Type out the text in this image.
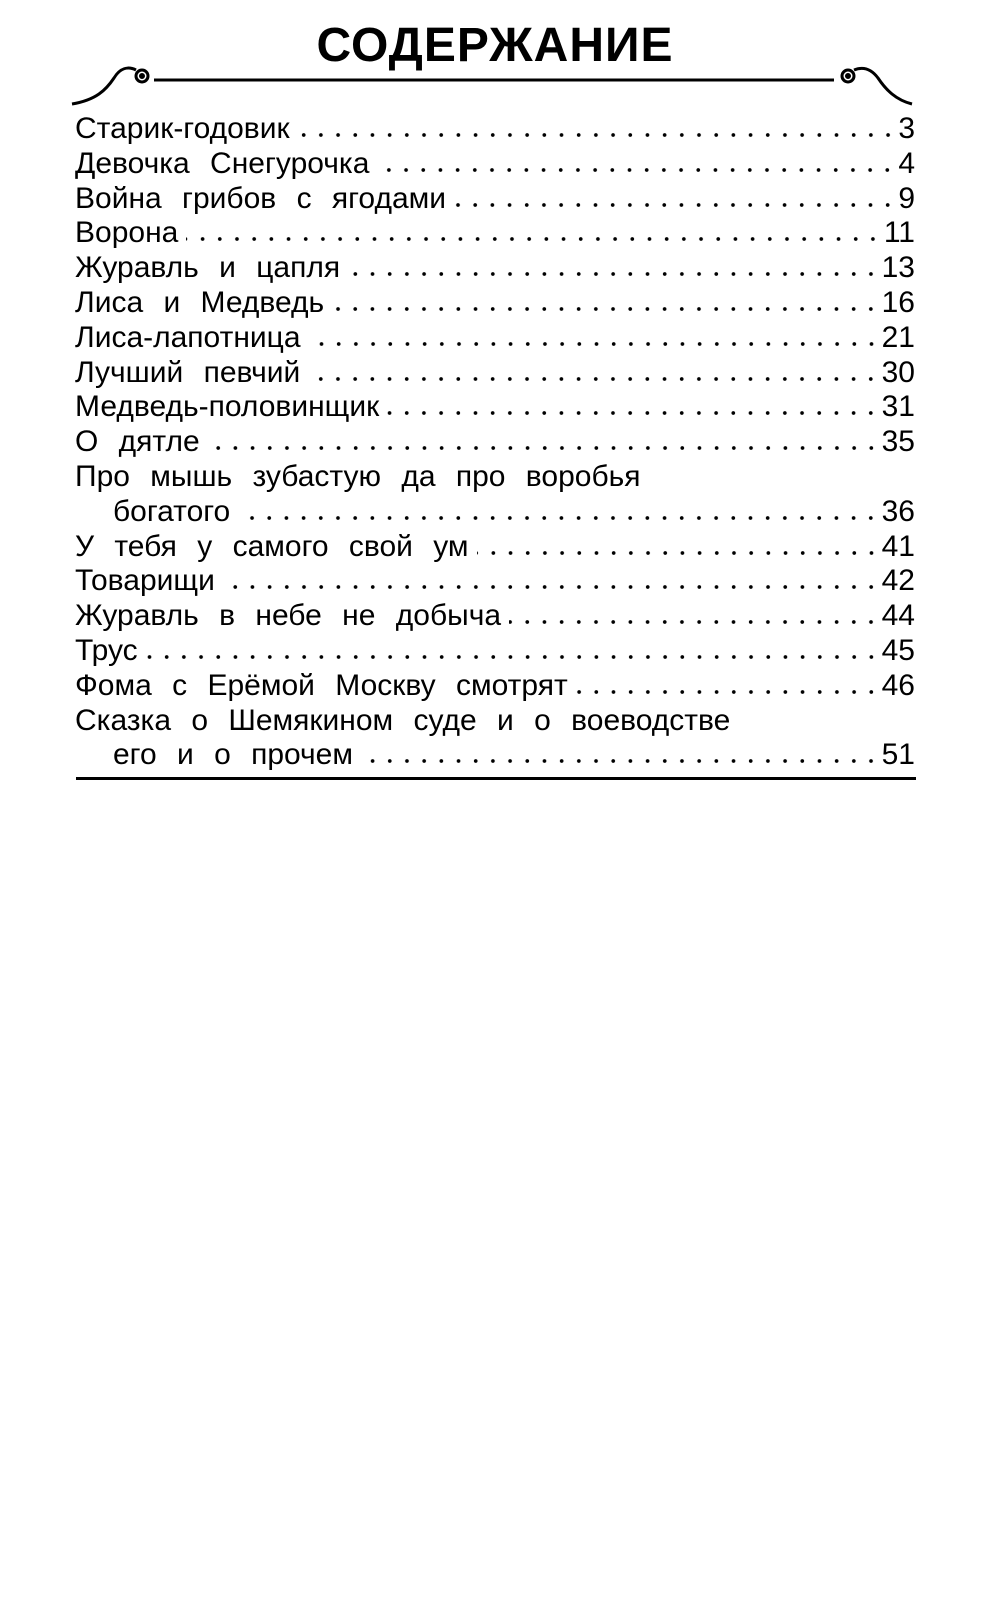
СОДЕРЖАНИЕ
Старик-годовик	3
Девочка Снегурочка	4
Война грибов с ягодами	9
Ворона	11
Журавль и цапля	13
Лиса и Медведь	16
Лиса-лапотница	21
Лучший певчий	30
Медведь-половинщик	31
О дятле	35
Про мышь зубастую да про воробья
богатого	36
У тебя у самого свой ум	41
Товарищи	42
Журавль в небе не добыча	44
Трус	45
Фома с Ерёмой Москву смотрят	46
Сказка о Шемякином суде и о воеводстве
его и о прочем	51
